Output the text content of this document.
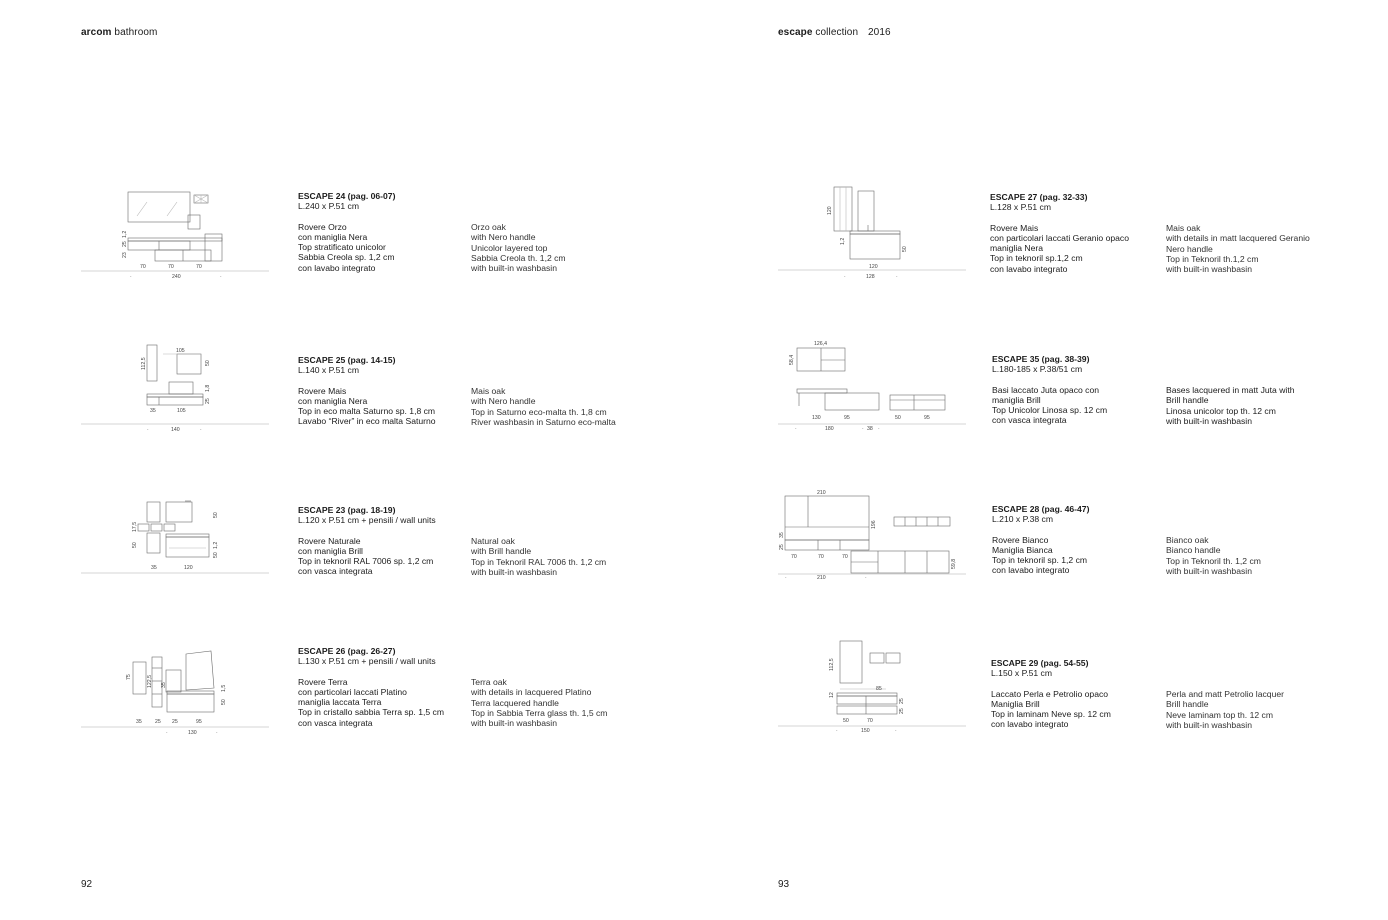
arcom bathroom
92
23
25
1,2
70	70	70
240
·	·
ESCAPE 24 (pag. 06-07)
L.240 x P.51 cm
Rovere Orzo
con maniglia Nera
Top stratificato unicolor
Sabbia Creola sp. 1,2 cm
con lavabo integrato
Orzo oak
with Nero handle
Unicolor layered top
Sabbia Creola th. 1,2 cm
with built-in washbasin
112,5
105
50
1,8
25
35	105
140
·	·
ESCAPE 25 (pag. 14-15)
L.140 x P.51 cm
Rovere Mais
con maniglia Nera
Top in eco malta Saturno sp. 1,8 cm
Lavabo “River” in eco malta Saturno
Mais oak
with Nero handle
Top in Saturno eco-malta th. 1,8 cm
River washbasin in Saturno eco-malta
50
17,5
50	1,2
50
35	120
ESCAPE 23 (pag. 18-19)
L.120 x P.51 cm + pensili / wall units
Rovere Naturale
con maniglia Brill
Top in teknoril RAL 7006 sp. 1,2 cm
con vasca integrata
Natural oak
with Brill handle
Top in Teknoril RAL 7006 th. 1,2 cm
with built-in washbasin
75	122,5 35
50
1,5
35	25 25	95
130
·	·
ESCAPE 26 (pag. 26-27)
L.130 x P.51 cm + pensili / wall units
Rovere Terra
con particolari laccati Platino
maniglia laccata Terra
Top in cristallo sabbia Terra sp. 1,5 cm
con vasca integrata
Terra oak
with details in lacquered Platino
Terra lacquered handle
Top in Sabbia Terra glass th. 1,5 cm
with built-in washbasin
escape collection 2016
93
120
1,2
50
120
128
·	·
ESCAPE 27 (pag. 32-33)
L.128 x P.51 cm
Rovere Mais
con particolari laccati Geranio opaco
maniglia Nera
Top in teknoril sp.1,2 cm
con lavabo integrato
Mais oak
with details in matt lacquered Geranio
Nero handle
Top in Teknoril th.1,2 cm
with built-in washbasin
126,4
58,4
130	95	50	95
180	38
·	·	·
ESCAPE 35 (pag. 38-39)
L.180-185 x P.38/51 cm
Basi laccato Juta opaco con
maniglia Brill
Top Unicolor Linosa sp. 12 cm
con vasca integrata
Bases lacquered in matt Juta with
Brill handle
Linosa unicolor top th. 12 cm
with built-in washbasin
210
196
35
25
59,8
70	70	70
210
·	·
ESCAPE 28 (pag. 46-47)
L.210 x P.38 cm
Rovere Bianco
Maniglia Bianca
Top in teknoril sp. 1,2 cm
con lavabo integrato
Bianco oak
Bianco handle
Top in Teknoril th. 1,2 cm
with built-in washbasin
112,5
12
85
25
25
50	70
150
·	·
ESCAPE 29 (pag. 54-55)
L.150 x P.51 cm
Laccato Perla e Petrolio opaco
Maniglia Brill
Top in laminam Neve sp. 12 cm
con lavabo integrato
Perla and matt Petrolio lacquer
Brill handle
Neve laminam top th. 12 cm
with built-in washbasin
